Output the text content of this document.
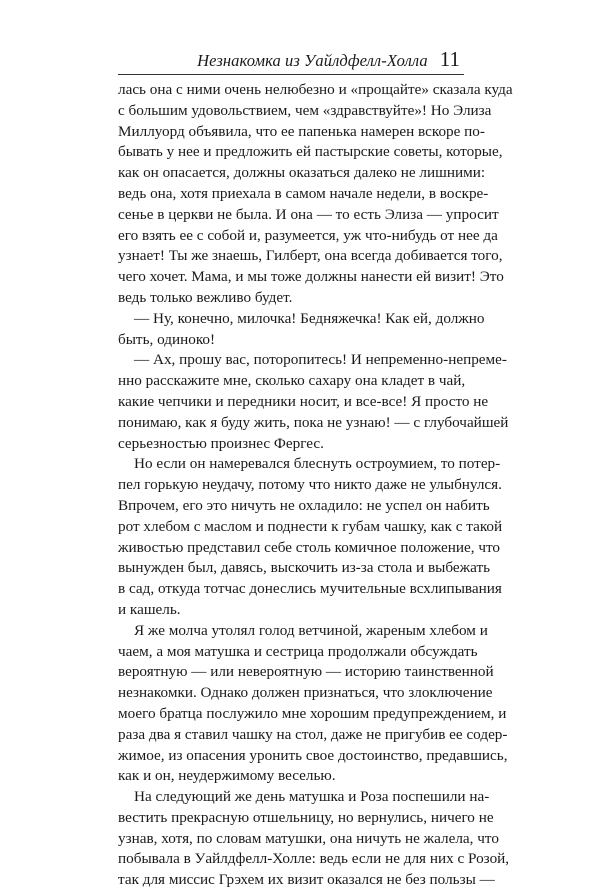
Незнакомка из Уайлдфелл-Холла 11

лась она с ними очень нелюбезно и «прощайте» сказала куда
с большим удовольствием, чем «здравствуйте»! Но Элиза
Миллуорд объявила, что ее папенька намерен вскоре по-
бывать у нее и предложить ей пастырские советы, которые,
как он опасается, должны оказаться далеко не лишними:
ведь она, хотя приехала в самом начале недели, в воскре-
сенье в церкви не была. И она — то есть Элиза — упросит
его взять ее с собой и, разумеется, уж что-нибудь от нее да
узнает! Ты же знаешь, Гилберт, она всегда добивается того,
чего хочет. Мама, и мы тоже должны нанести ей визит! Это
ведь только вежливо будет.

— Ну, конечно, милочка! Бедняжечка! Как ей, должно
быть, одиноко!

— Ах, прошу вас, поторопитесь! И непременно-непреме-
нно расскажите мне, сколько сахару она кладет в чай,
какие чепчики и передники носит, и все-все! Я просто не
понимаю, как я буду жить, пока не узнаю! — с глубочайшей
серьезностью произнес Фергес.

Но если он намеревался блеснуть остроумием, то потер-
пел горькую неудачу, потому что никто даже не улыбнулся.
Впрочем, его это ничуть не охладило: не успел он набить
рот хлебом с маслом и поднести к губам чашку, как с такой
живостью представил себе столь комичное положение, что
вынужден был, давясь, выскочить из-за стола и выбежать
в сад, откуда тотчас донеслись мучительные всхлипывания
и кашель.

Я же молча утолял голод ветчиной, жареным хлебом и
чаем, а моя матушка и сестрица продолжали обсуждать
вероятную — или невероятную — историю таинственной
незнакомки. Однако должен признаться, что злоключение
моего братца послужило мне хорошим предупреждением, и
раза два я ставил чашку на стол, даже не пригубив ее содер-
жимое, из опасения уронить свое достоинство, предавшись,
как и он, неудержимому веселью.

На следующий же день матушка и Роза поспешили на-
вестить прекрасную отшельницу, но вернулись, ничего не
узнав, хотя, по словам матушки, она ничуть не жалела, что
побывала в Уайлдфелл-Холле: ведь если не для них с Розой,
так для миссис Грэхем их визит оказался не без пользы —
